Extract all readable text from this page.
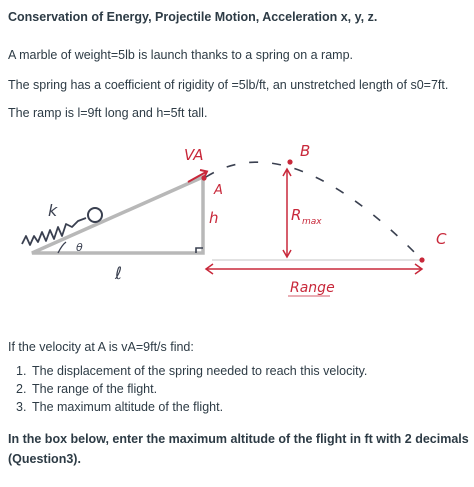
Conservation of Energy, Projectile Motion, Acceleration x, y, z.
A marble of weight=5lb is launch thanks to a spring on a ramp.
The spring has a coefficient of rigidity of =5lb/ft, an unstretched length of s0=7ft.
The ramp is l=9ft long and h=5ft tall.
k
θ
ℓ
h
VA
A
B
R max
Range
C
If the velocity at A is vA=9ft/s find:
1. The displacement of the spring needed to reach this velocity.
2. The range of the flight.
3. The maximum altitude of the flight.
In the box below, enter the maximum altitude of the flight in ft with 2 decimals
(Question3).
